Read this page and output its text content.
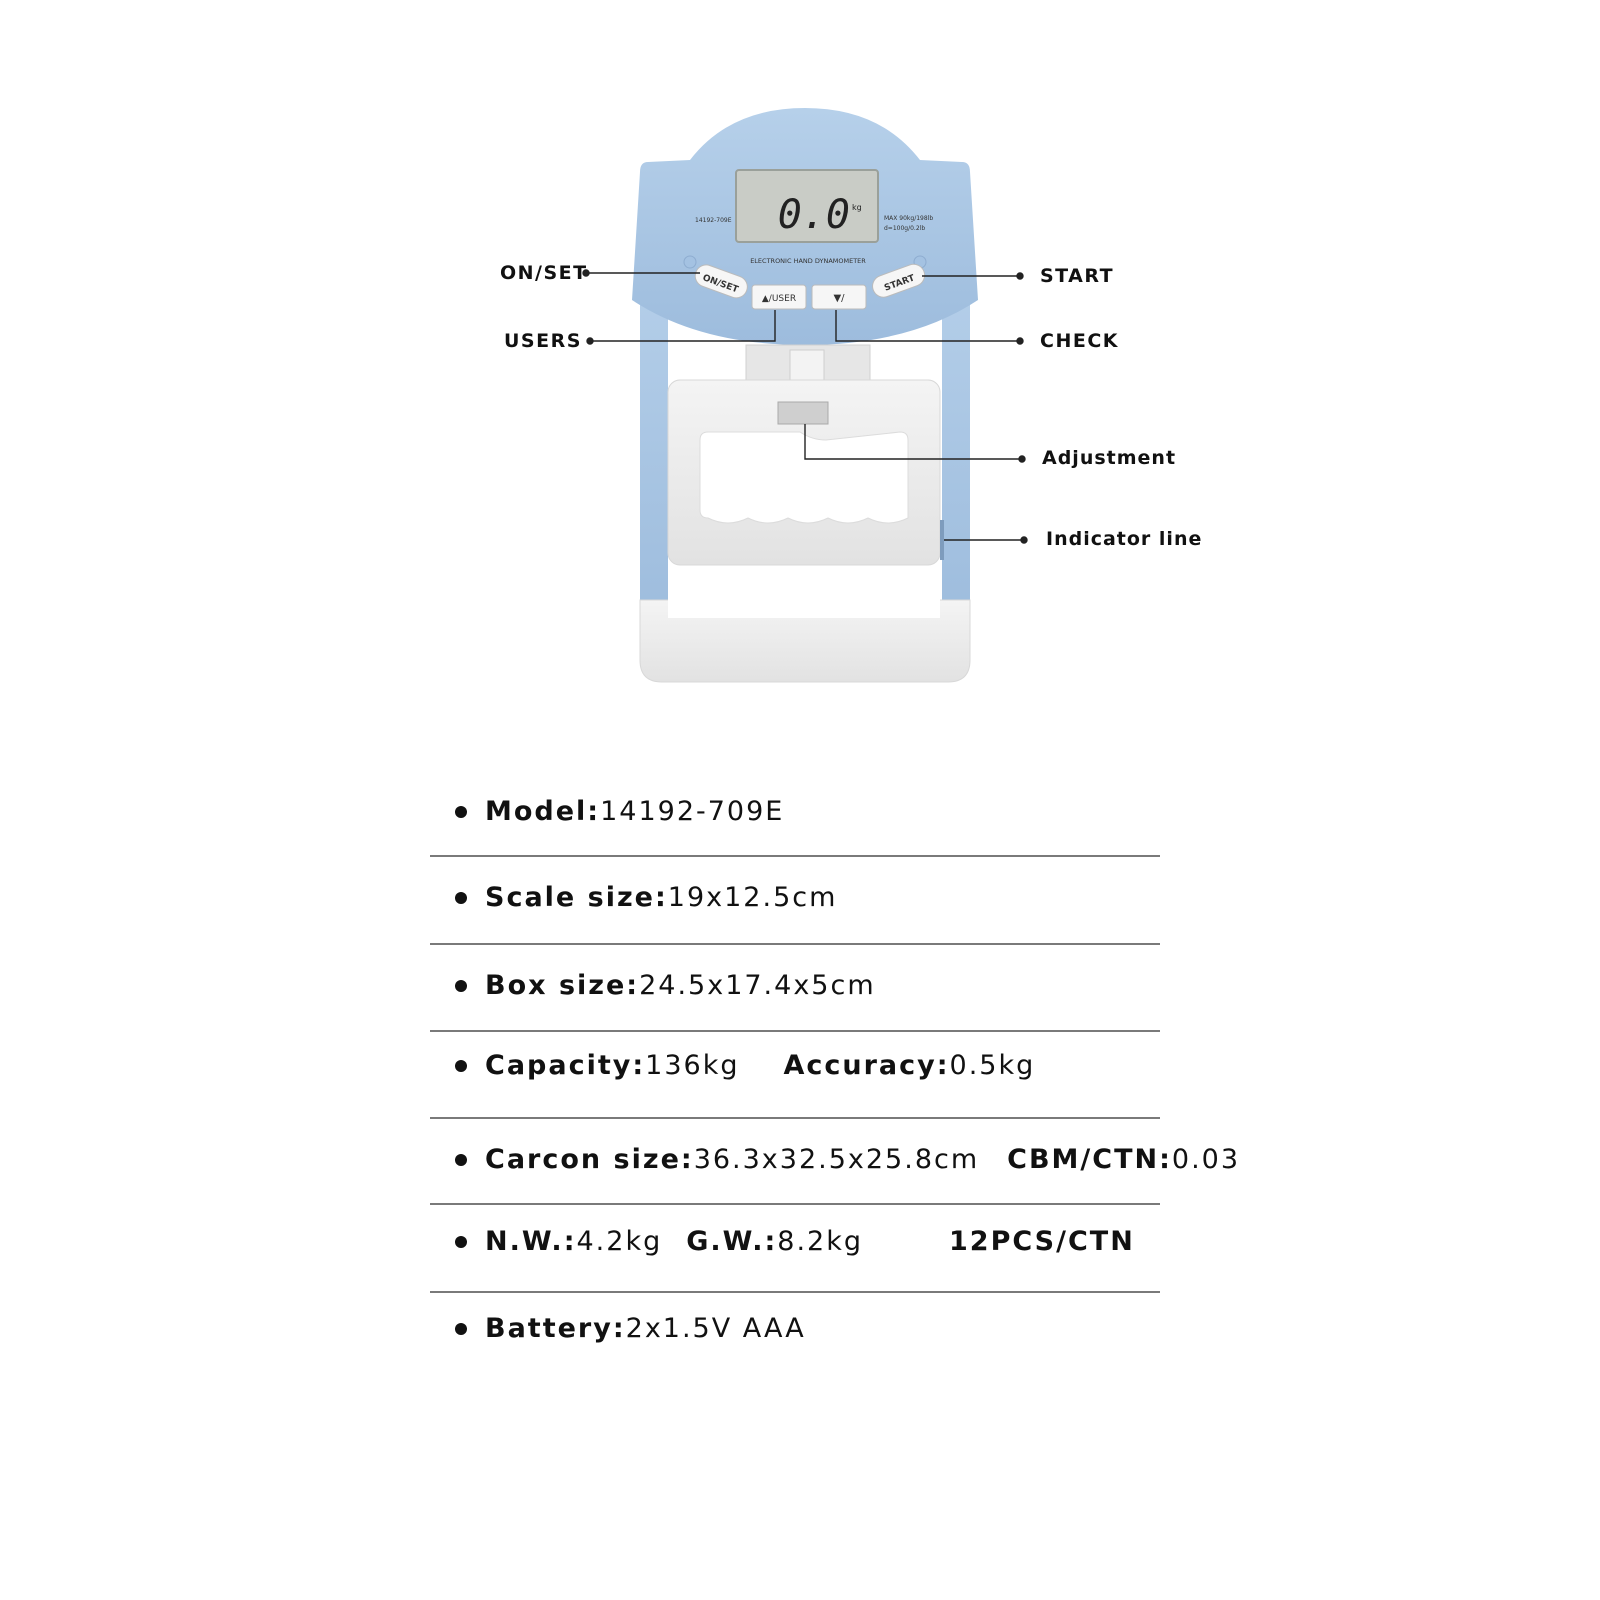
0.0 kg
14192-709E	MAX 90kg/198lb
d=100g/0.2lb
ELECTRONIC HAND DYNAMOMETER
ON/SET
▲/USER	▼/
START
ON/SET
USERS
START
CHECK
Adjustment
Indicator line
Model: 14192-709E
Scale size: 19x12.5cm
Box size: 24.5x17.4x5cm
Capacity: 136kg Accuracy: 0.5kg
Carcon size: 36.3x32.5x25.8cm CBM/CTN: 0.03
N.W.: 4.2kg G.W.: 8.2kg	12PCS/CTN
Battery: 2x1.5V AAA
